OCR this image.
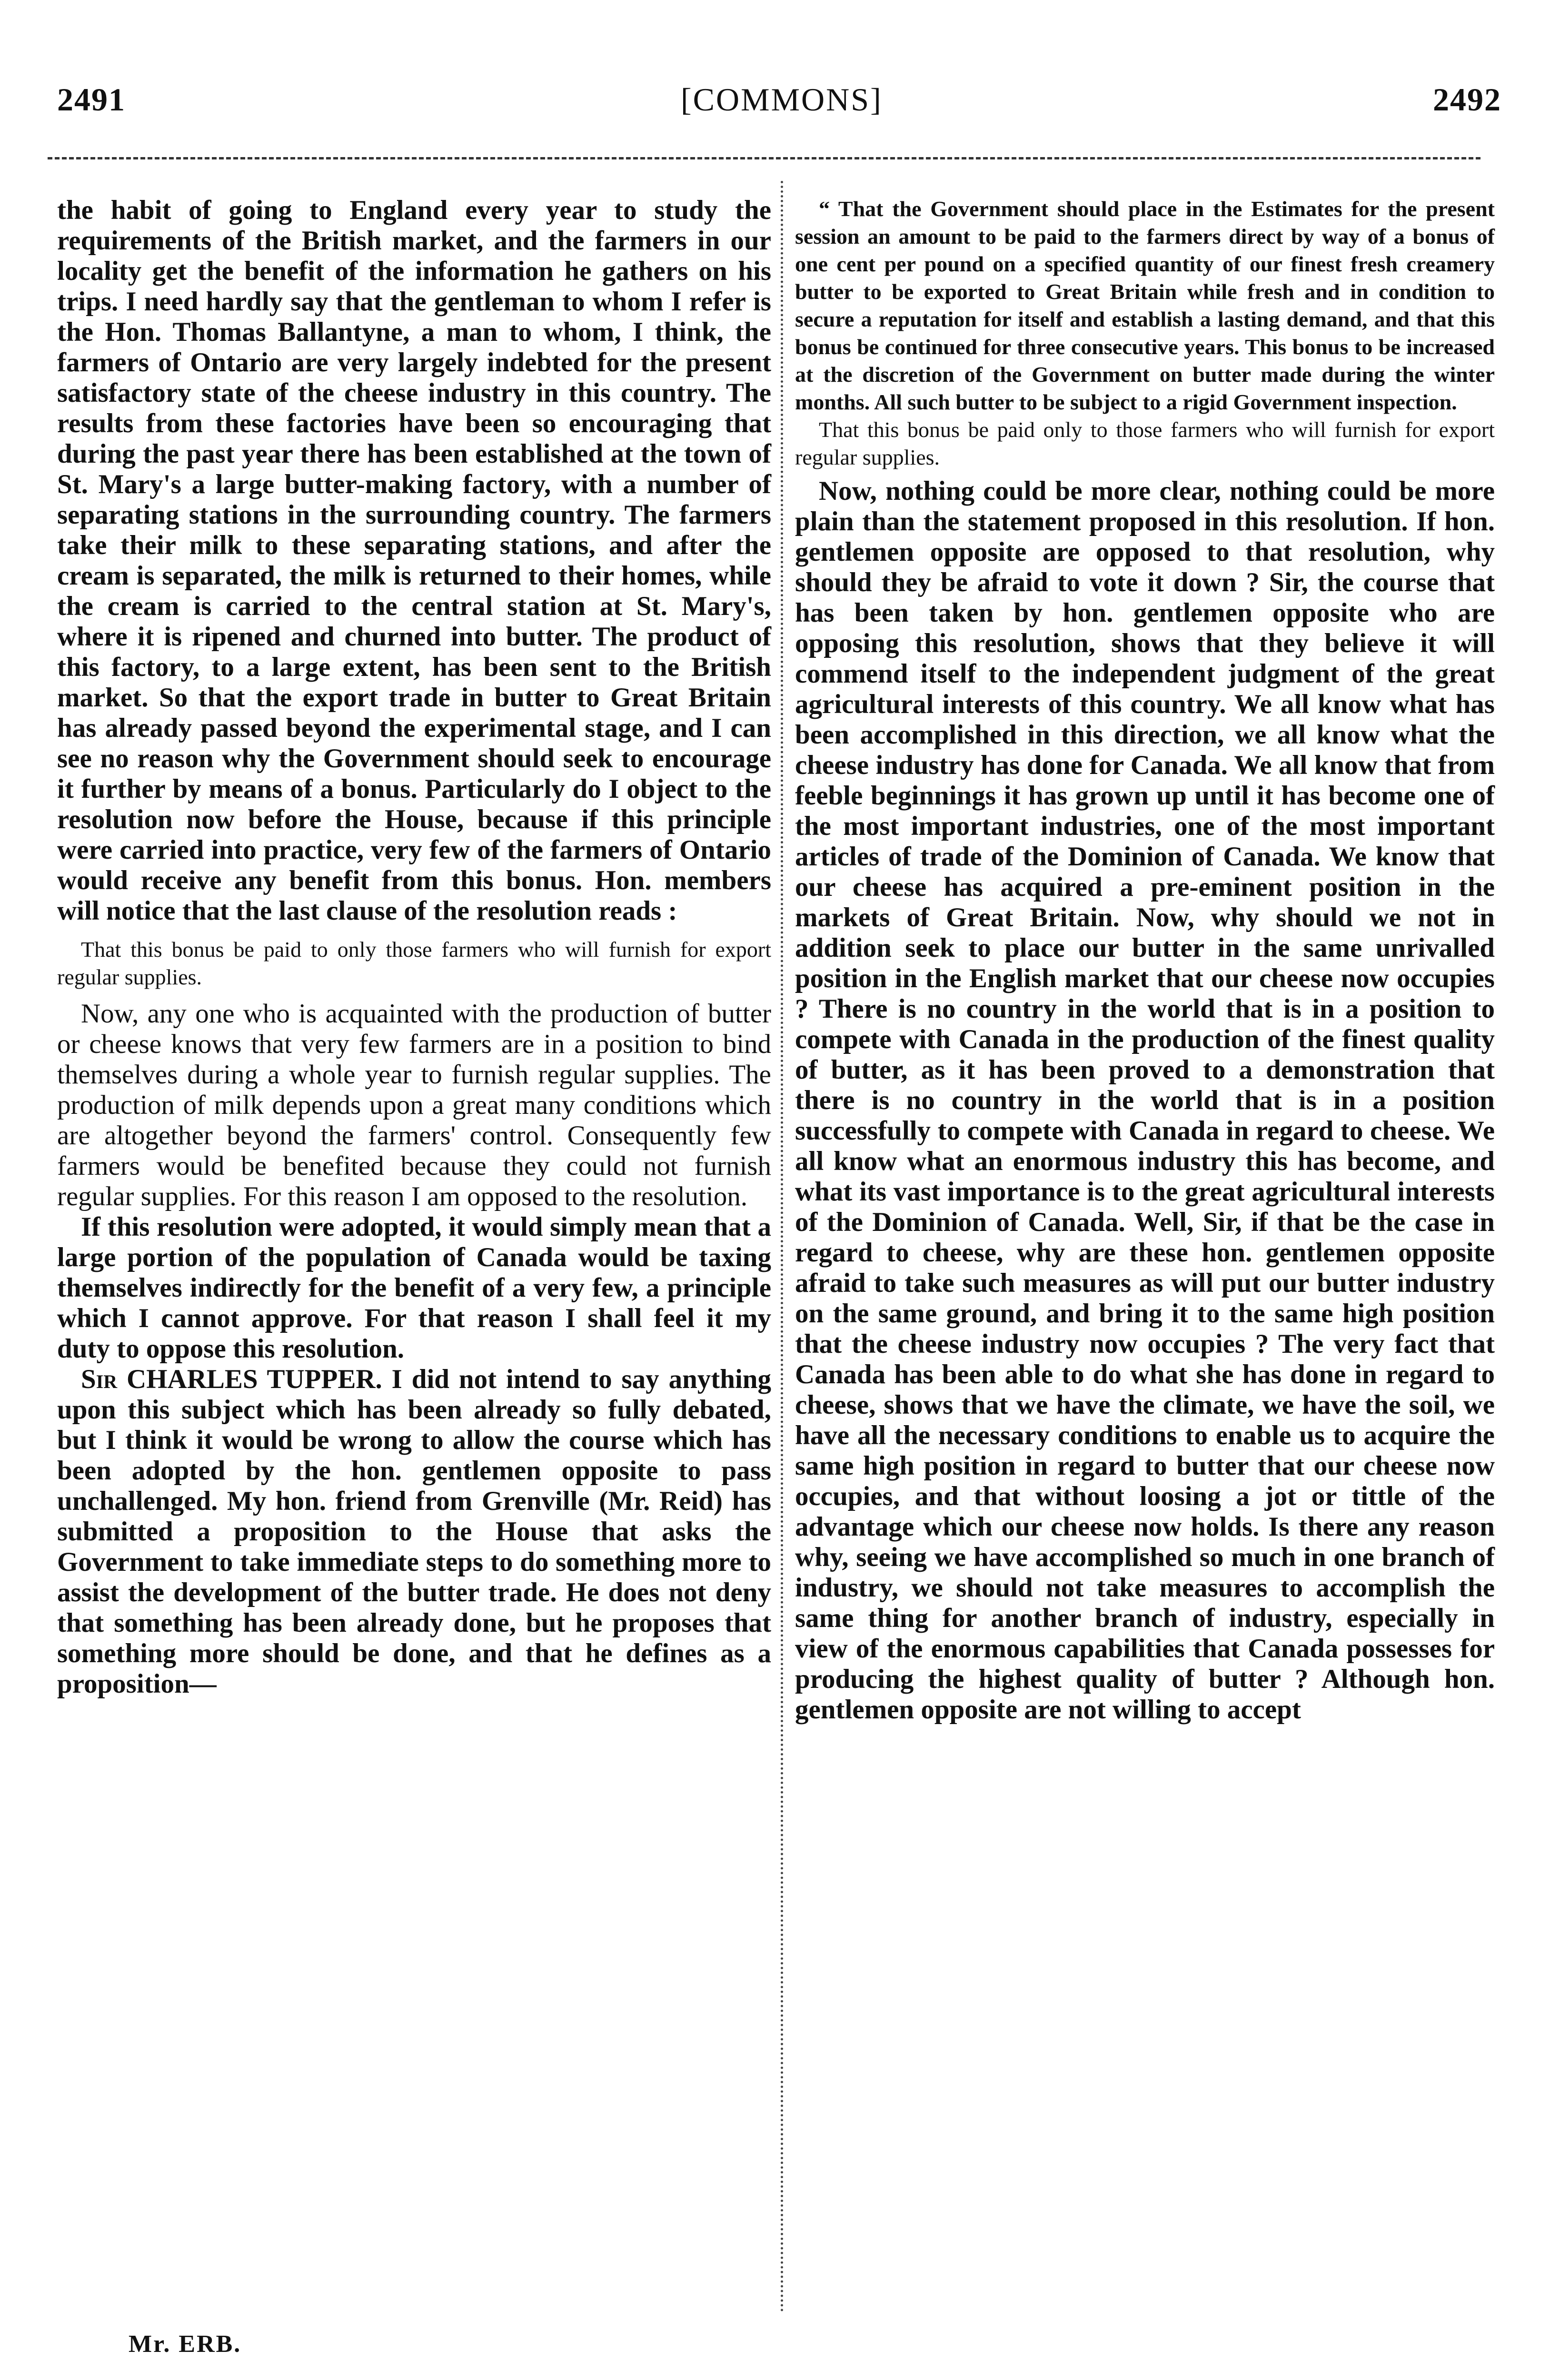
2491	[COMMONS]	2492

the habit of going to England every year to study the requirements of the British market, and the farmers in our locality get the benefit of the information he gathers on his trips. I need hardly say that the gentleman to whom I refer is the Hon. Thomas Ballantyne, a man to whom, I think, the farmers of Ontario are very largely indebted for the present satisfactory state of the cheese industry in this country. The results from these factories have been so encouraging that during the past year there has been established at the town of St. Mary's a large butter-making factory, with a number of separating stations in the surrounding country. The farmers take their milk to these separating stations, and after the cream is separated, the milk is returned to their homes, while the cream is carried to the central station at St. Mary's, where it is ripened and churned into butter. The product of this factory, to a large extent, has been sent to the British market. So that the export trade in butter to Great Britain has already passed beyond the experimental stage, and I can see no reason why the Government should seek to encourage it further by means of a bonus. Particularly do I object to the resolution now before the House, because if this principle were carried into practice, very few of the farmers of Ontario would receive any benefit from this bonus. Hon. members will notice that the last clause of the resolution reads :

That this bonus be paid to only those farmers who will furnish for export regular supplies.

Now, any one who is acquainted with the production of butter or cheese knows that very few farmers are in a position to bind themselves during a whole year to furnish regular supplies. The production of milk depends upon a great many conditions which are altogether beyond the farmers' control. Consequently few farmers would be benefited because they could not furnish regular supplies. For this reason I am opposed to the resolution.

If this resolution were adopted, it would simply mean that a large portion of the population of Canada would be taxing themselves indirectly for the benefit of a very few, a principle which I cannot approve. For that reason I shall feel it my duty to oppose this resolution.

Sir CHARLES TUPPER. I did not intend to say anything upon this subject which has been already so fully debated, but I think it would be wrong to allow the course which has been adopted by the hon. gentlemen opposite to pass unchallenged. My hon. friend from Grenville (Mr. Reid) has submitted a proposition to the House that asks the Government to take immediate steps to do something more to assist the development of the butter trade. He does not deny that something has been already done, but he proposes that something more should be done, and that he defines as a proposition—

“ That the Government should place in the Estimates for the present session an amount to be paid to the farmers direct by way of a bonus of one cent per pound on a specified quantity of our finest fresh creamery butter to be exported to Great Britain while fresh and in condition to secure a reputation for itself and establish a lasting demand, and that this bonus be continued for three consecutive years. This bonus to be increased at the discretion of the Government on butter made during the winter months. All such butter to be subject to a rigid Government inspection.

That this bonus be paid only to those farmers who will furnish for export regular supplies.

Now, nothing could be more clear, nothing could be more plain than the statement proposed in this resolution. If hon. gentlemen opposite are opposed to that resolution, why should they be afraid to vote it down ? Sir, the course that has been taken by hon. gentlemen opposite who are opposing this resolution, shows that they believe it will commend itself to the independent judgment of the great agricultural interests of this country. We all know what has been accomplished in this direction, we all know what the cheese industry has done for Canada. We all know that from feeble beginnings it has grown up until it has become one of the most important industries, one of the most important articles of trade of the Dominion of Canada. We know that our cheese has acquired a pre-eminent position in the markets of Great Britain. Now, why should we not in addition seek to place our butter in the same unrivalled position in the English market that our cheese now occupies ? There is no country in the world that is in a position to compete with Canada in the production of the finest quality of butter, as it has been proved to a demonstration that there is no country in the world that is in a position successfully to compete with Canada in regard to cheese. We all know what an enormous industry this has become, and what its vast importance is to the great agricultural interests of the Dominion of Canada. Well, Sir, if that be the case in regard to cheese, why are these hon. gentlemen opposite afraid to take such measures as will put our butter industry on the same ground, and bring it to the same high position that the cheese industry now occupies ? The very fact that Canada has been able to do what she has done in regard to cheese, shows that we have the climate, we have the soil, we have all the necessary conditions to enable us to acquire the same high position in regard to butter that our cheese now occupies, and that without loosing a jot or tittle of the advantage which our cheese now holds. Is there any reason why, seeing we have accomplished so much in one branch of industry, we should not take measures to accomplish the same thing for another branch of industry, especially in view of the enormous capabilities that Canada possesses for producing the highest quality of butter ? Although hon. gentlemen opposite are not willing to accept

Mr. ERB.
